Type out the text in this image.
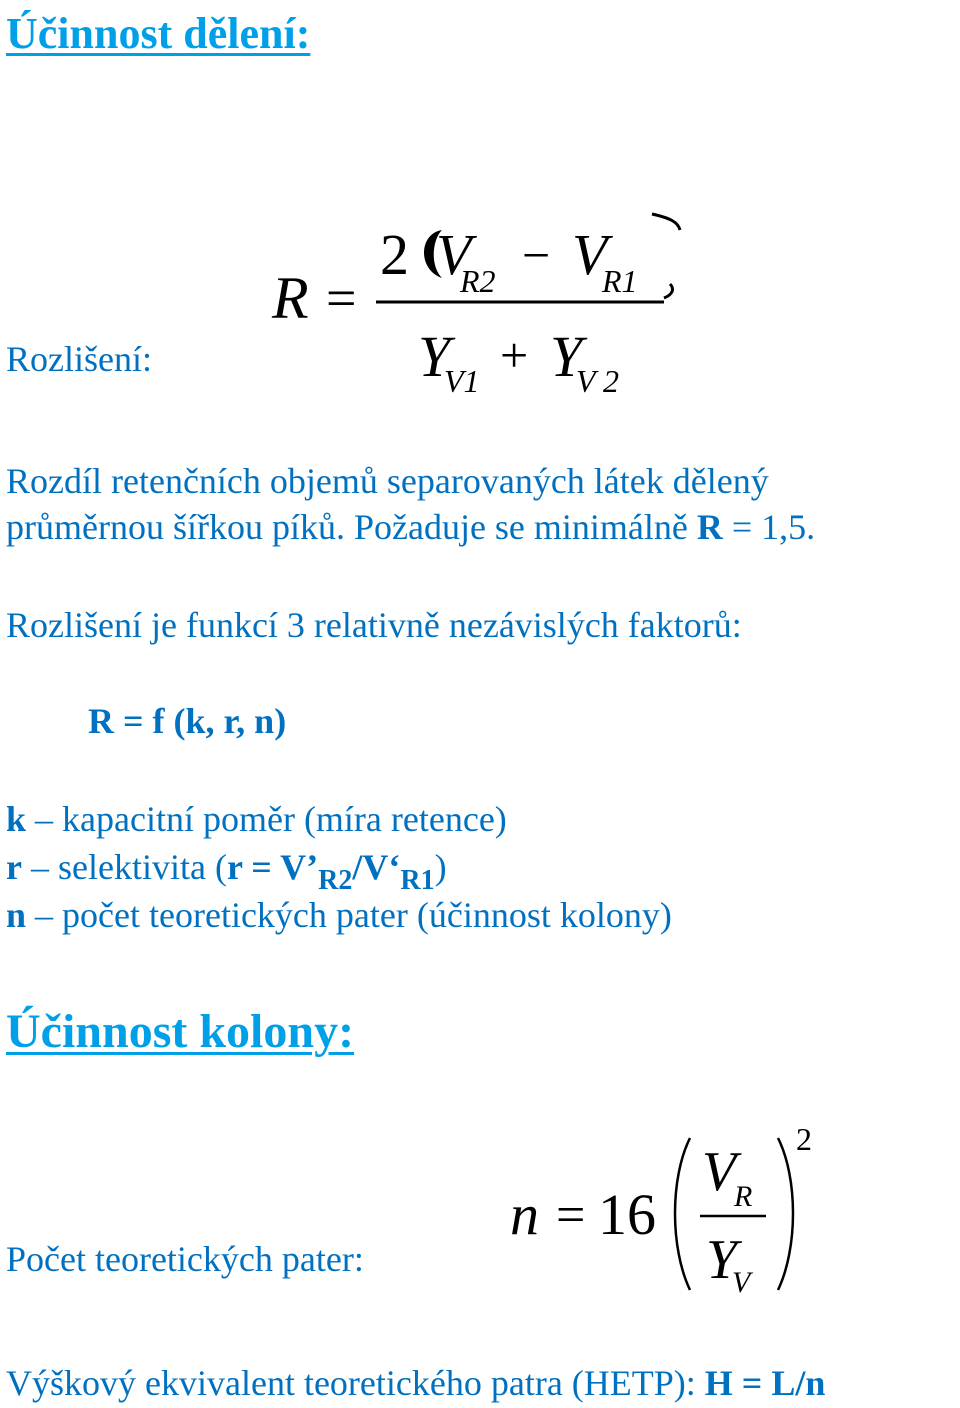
Účinnost dělení:
Rozlišení:
R =
2 V
R2 − V
R1
Y
V1 + Y
V 2
Rozdíl retenčních objemů separovaných látek dělený
průměrnou šířkou píků. Požaduje se minimálně R = 1,5.
Rozlišení je funkcí 3 relativně nezávislých faktorů:
R = f (k, r, n)
k – kapacitní poměr (míra retence)
r – selektivita $(r = V’_{R2}/V‘_{R1})$
n – počet teoretických pater (účinnost kolony)
Účinnost kolony:
Počet teoretických pater:
n = 16
V
R
Y
V
2
Výškový ekvivalent teoretického patra (HETP): H = L/n
